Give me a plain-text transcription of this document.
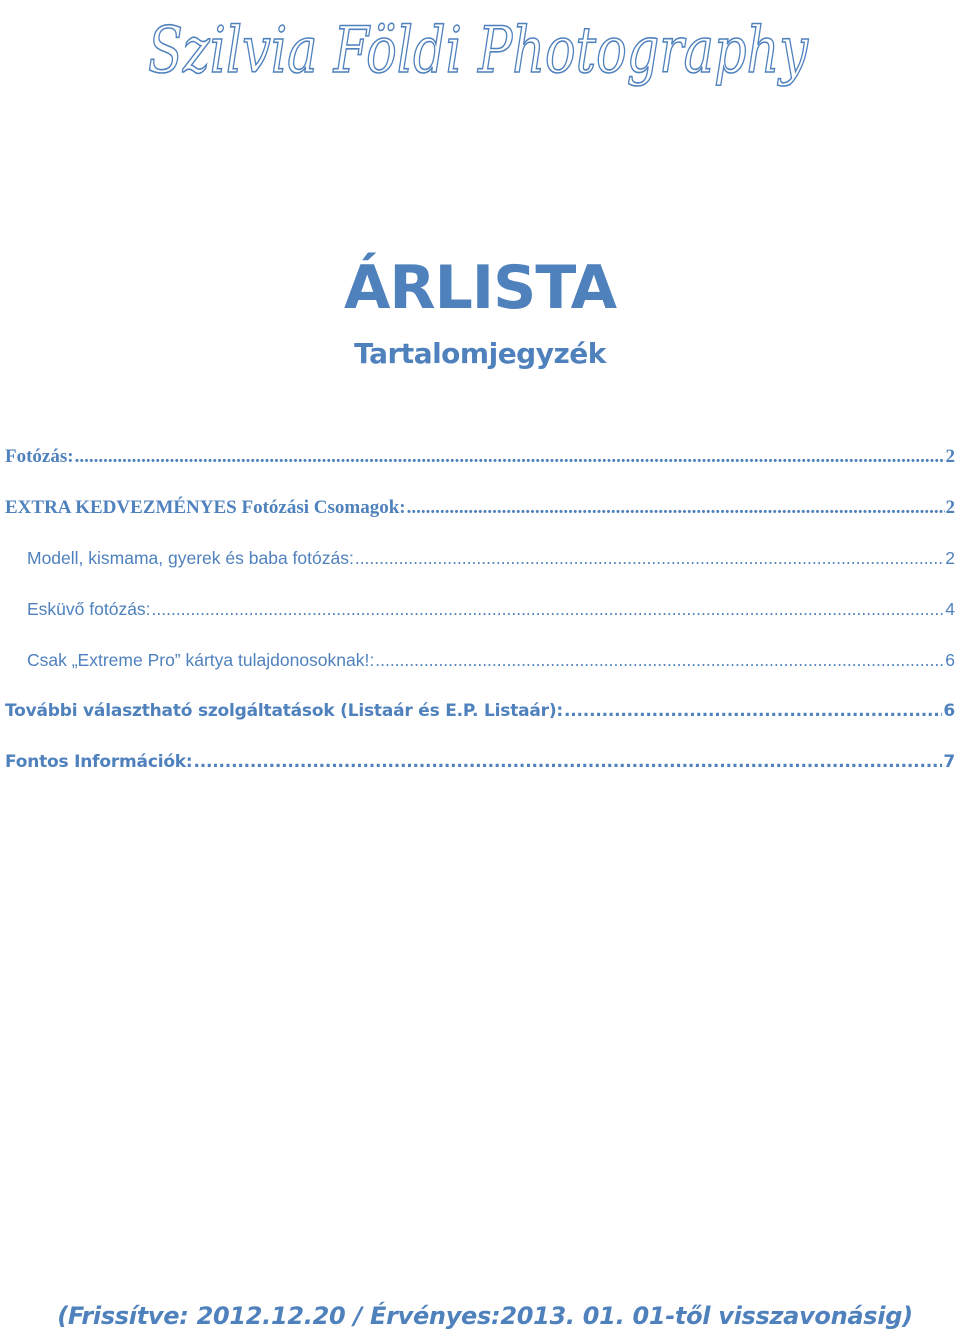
Szilvia Földi Photography
ÁRLISTA
Tartalomjegyzék
Fotózás: .....	2
EXTRA KEDVEZMÉNYES Fotózási Csomagok: .....	2
Modell, kismama, gyerek és baba fotózás: .....	2
Esküvő fotózás: .....	4
Csak „Extreme Pro” kártya tulajdonosoknak!: .....	6
További választható szolgáltatások (Listaár és E.P. Listaár): .....	6
Fontos Információk: .....	7
(Frissítve: 2012.12.20 / Érvényes:2013. 01. 01-től visszavonásig)
